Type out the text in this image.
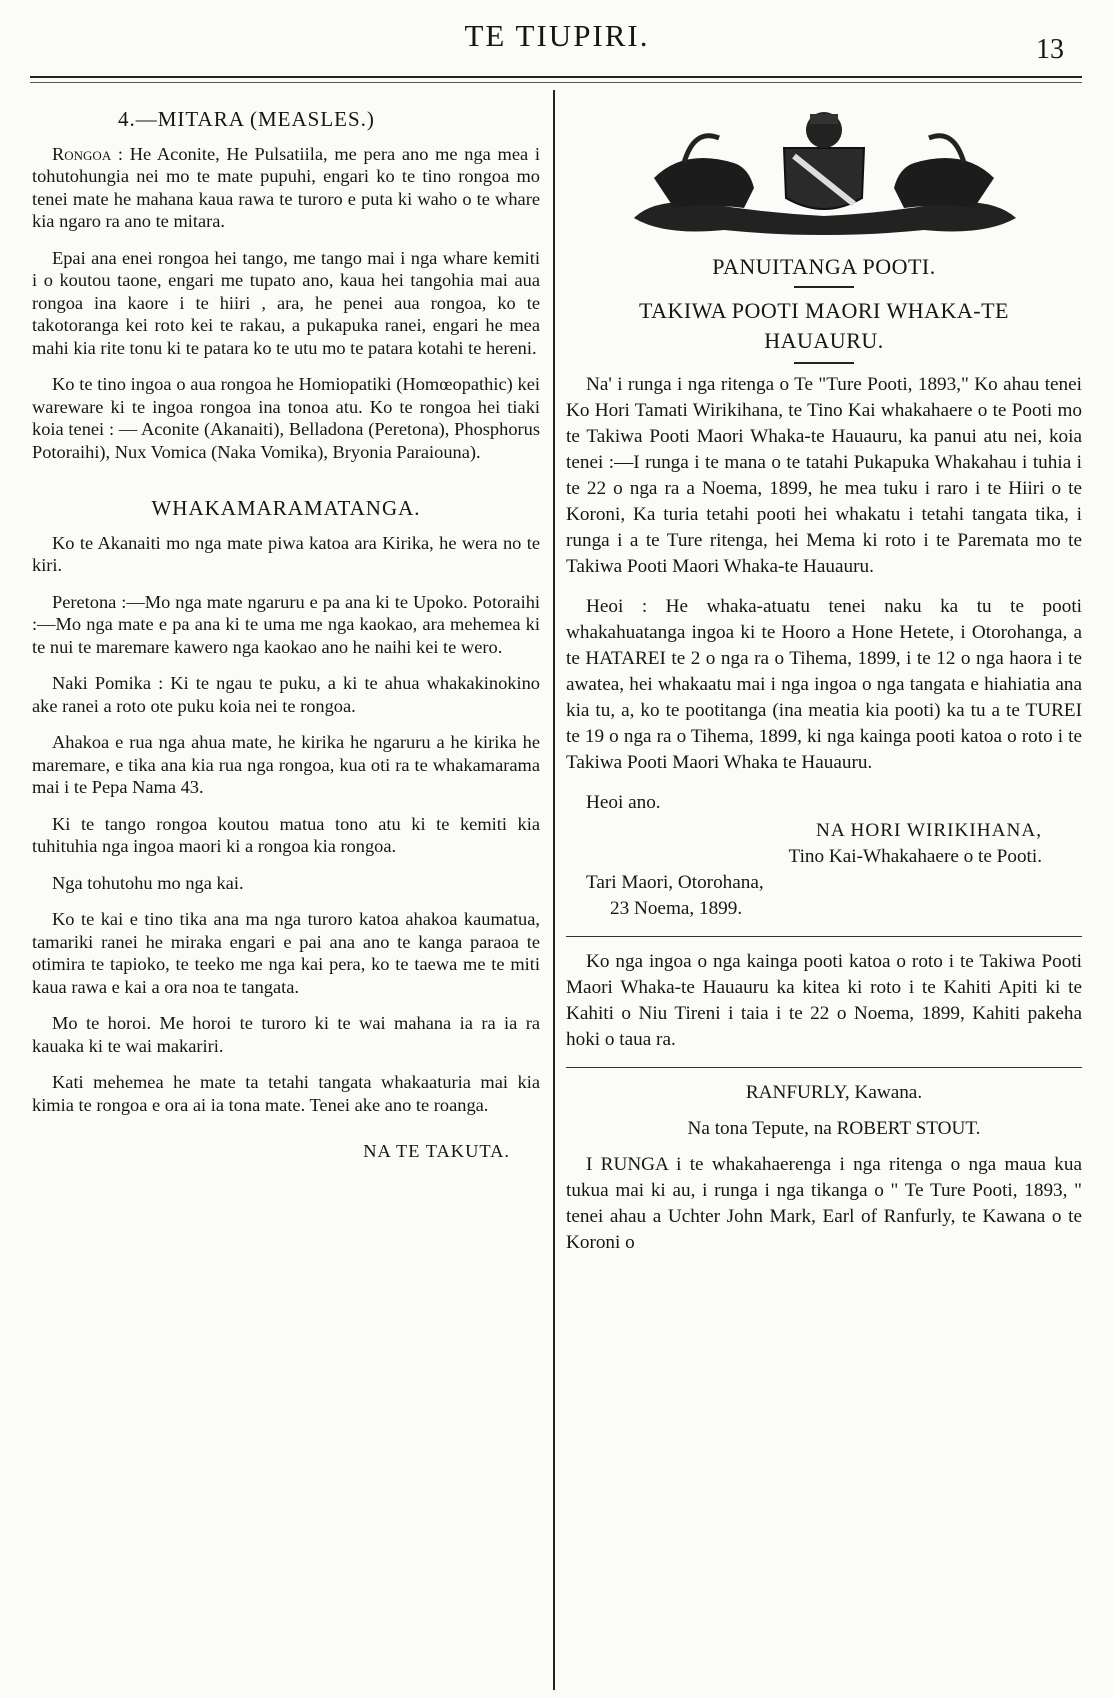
TE TIUPIRI.	13
4.—MITARA (MEASLES.)

Rongoa : He Aconite, He Pulsatiila, me pera ano me nga mea i tohutohungia nei mo te mate pupuhi, engari ko te tino rongoa mo tenei mate he mahana kaua rawa te turoro e puta ki waho o te whare kia ngaro ra ano te mitara.

Epai ana enei rongoa hei tango, me tango mai i nga whare kemiti i o koutou taone, engari me tupato ano, kaua hei tangohia mai aua rongoa ina kaore i te hiiri , ara, he penei aua rongoa, ko te takotoranga kei roto kei te rakau, a pukapuka ranei, engari he mea mahi kia rite tonu ki te patara ko te utu mo te patara kotahi te hereni.

Ko te tino ingoa o aua rongoa he Homiopatiki (Homœopathic) kei wareware ki te ingoa rongoa ina tonoa atu. Ko te rongoa hei tiaki koia tenei : — Aconite (Akanaiti), Belladona (Peretona), Phosphorus Potoraihi), Nux Vomica (Naka Vomika), Bryonia Paraiouna).

WHAKAMARAMATANGA.

Ko te Akanaiti mo nga mate piwa katoa ara Kirika, he wera no te kiri.

Peretona :—Mo nga mate ngaruru e pa ana ki te Upoko. Potoraihi :—Mo nga mate e pa ana ki te uma me nga kaokao, ara mehemea ki te nui te maremare kawero nga kaokao ano he naihi kei te wero.

Naki Pomika : Ki te ngau te puku, a ki te ahua whakakinokino ake ranei a roto ote puku koia nei te rongoa.

Ahakoa e rua nga ahua mate, he kirika he ngaruru a he kirika he maremare, e tika ana kia rua nga rongoa, kua oti ra te whakamarama mai i te Pepa Nama 43.

Ki te tango rongoa koutou matua tono atu ki te kemiti kia tuhituhia nga ingoa maori ki a rongoa kia rongoa.

Nga tohutohu mo nga kai.

Ko te kai e tino tika ana ma nga turoro katoa ahakoa kaumatua, tamariki ranei he miraka engari e pai ana ano te kanga paraoa te otimira te tapioko, te teeko me nga kai pera, ko te taewa me te miti kaua rawa e kai a ora noa te tangata.

Mo te horoi. Me horoi te turoro ki te wai mahana ia ra ia ra kauaka ki te wai makariri.

Kati mehemea he mate ta tetahi tangata whakaaturia mai kia kimia te rongoa e ora ai ia tona mate. Tenei ake ano te roanga.

NA TE TAKUTA.
PANUITANGA POOTI.
TAKIWA POOTI MAORI WHAKA-TE HAUAURU.

Na' i runga i nga ritenga o Te "Ture Pooti, 1893," Ko ahau tenei Ko Hori Tamati Wirikihana, te Tino Kai whakahaere o te Pooti mo te Takiwa Pooti Maori Whaka-te Hauauru, ka panui atu nei, koia tenei :—I runga i te mana o te tatahi Pukapuka Whakahau i tuhia i te 22 o nga ra a Noema, 1899, he mea tuku i raro i te Hiiri o te Koroni, Ka turia tetahi pooti hei whakatu i tetahi tangata tika, i runga i a te Ture ritenga, hei Mema ki roto i te Paremata mo te Takiwa Pooti Maori Whaka-te Hauauru.

Heoi : He whaka-atuatu tenei naku ka tu te pooti whakahuatanga ingoa ki te Hooro a Hone Hetete, i Otorohanga, a te HATAREI te 2 o nga ra o Tihema, 1899, i te 12 o nga haora i te awatea, hei whakaatu mai i nga ingoa o nga tangata e hiahiatia ana kia tu, a, ko te pootitanga (ina meatia kia pooti) ka tu a te TUREI te 19 o nga ra o Tihema, 1899, ki nga kainga pooti katoa o roto i te Takiwa Pooti Maori Whaka te Hauauru.

Heoi ano.

NA HORI WIRIKIHANA,

Tino Kai-Whakahaere o te Pooti.

Tari Maori, Otorohana,

23 Noema, 1899.

Ko nga ingoa o nga kainga pooti katoa o roto i te Takiwa Pooti Maori Whaka-te Hauauru ka kitea ki roto i te Kahiti Apiti ki te Kahiti o Niu Tireni i taia i te 22 o Noema, 1899, Kahiti pakeha hoki o taua ra.

RANFURLY, Kawana.

Na tona Tepute, na ROBERT STOUT.

I RUNGA i te whakahaerenga i nga ritenga o nga maua kua tukua mai ki au, i runga i nga tikanga o " Te Ture Pooti, 1893, " tenei ahau a Uchter John Mark, Earl of Ranfurly, te Kawana o te Koroni o
